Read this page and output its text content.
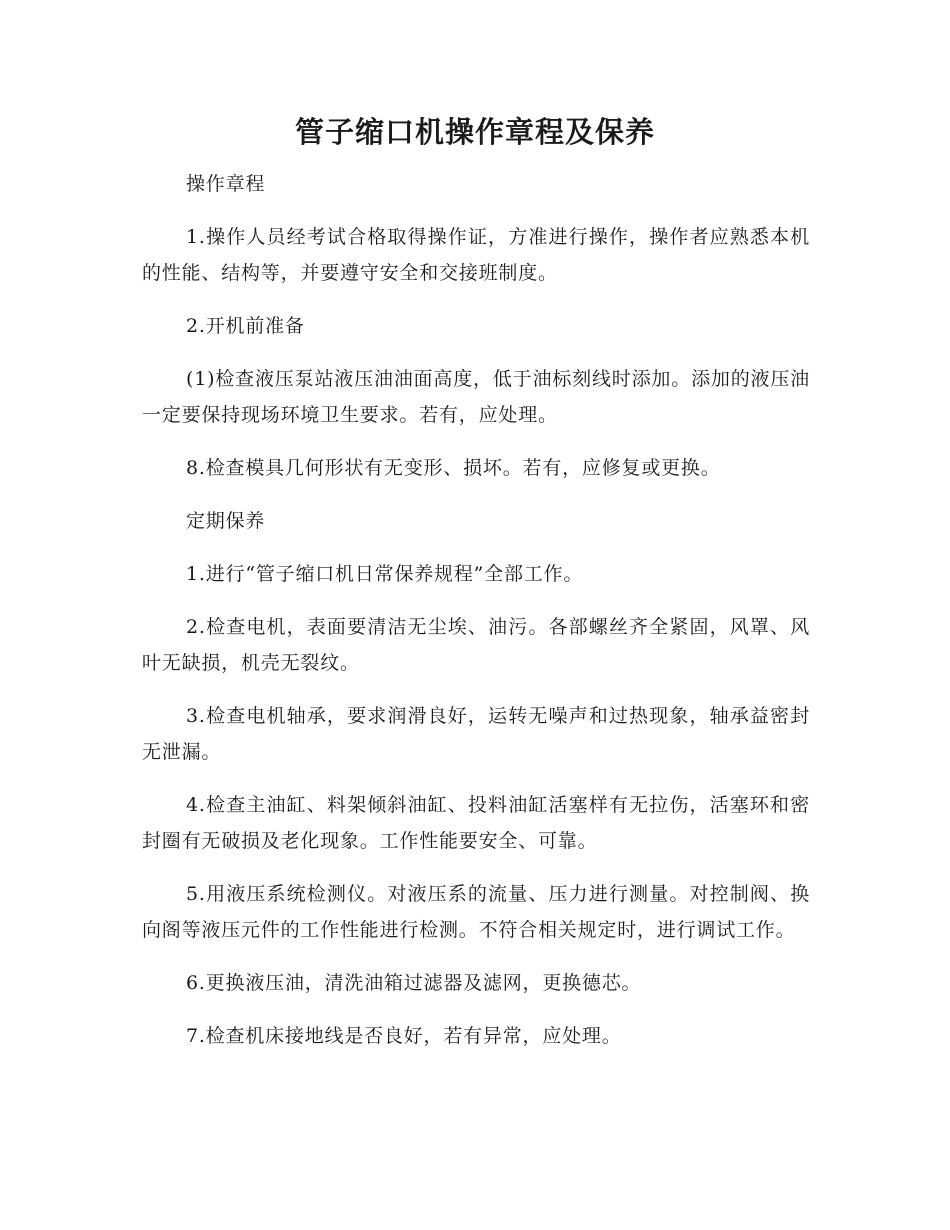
管子缩口机操作章程及保养

操作章程

1.操作人员经考试合格取得操作证，方准进行操作，操作者应熟悉本机的性能、结构等，并要遵守安全和交接班制度。

2.开机前准备

(1)检查液压泵站液压油油面高度，低于油标刻线时添加。添加的液压油一定要保持现场环境卫生要求。若有，应处理。

8.检查模具几何形状有无变形、损坏。若有，应修复或更换。

定期保养

1.进行“管子缩口机日常保养规程”全部工作。

2.检查电机，表面要清洁无尘埃、油污。各部螺丝齐全紧固，风罩、风叶无缺损，机壳无裂纹。

3.检查电机轴承，要求润滑良好，运转无噪声和过热现象，轴承益密封无泄漏。

4.检查主油缸、料架倾斜油缸、投料油缸活塞样有无拉伤，活塞环和密封圈有无破损及老化现象。工作性能要安全、可靠。

5.用液压系统检测仪。对液压系的流量、压力进行测量。对控制阀、换向阁等液压元件的工作性能进行检测。不符合相关规定时，进行调试工作。

6.更换液压油，清洗油箱过滤器及滤网，更换德芯。

7.检查机床接地线是否良好，若有异常，应处理。
